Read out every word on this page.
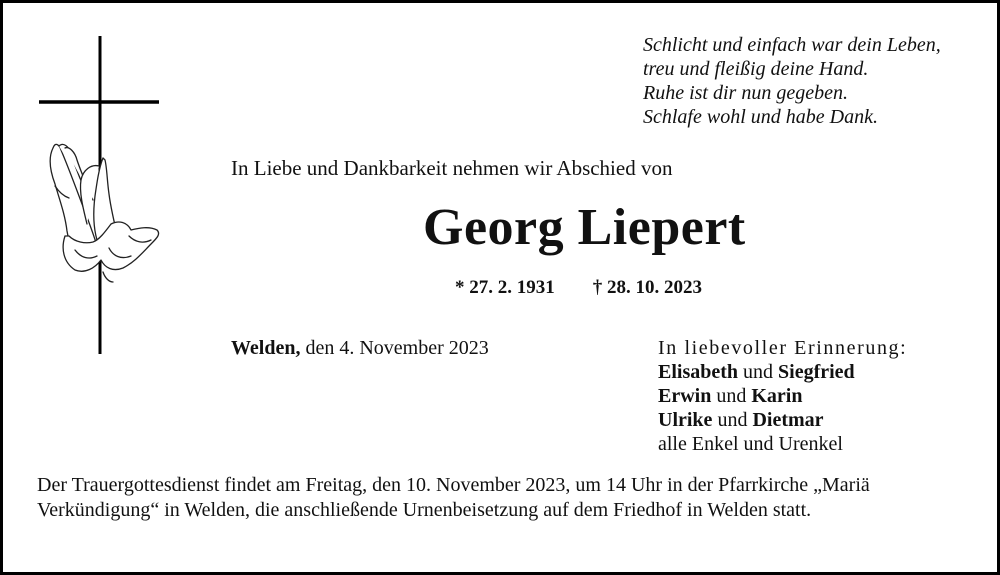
Schlicht und einfach war dein Leben,
treu und fleißig deine Hand.
Ruhe ist dir nun gegeben.
Schlafe wohl und habe Dank.
In Liebe und Dankbarkeit nehmen wir Abschied von
Georg Liepert
* 27. 2. 1931 † 28. 10. 2023
Welden, den 4. November 2023	In liebevoller Erinnerung:
Elisabeth und Siegfried
Erwin und Karin
Ulrike und Dietmar
alle Enkel und Urenkel
Der Trauergottesdienst findet am Freitag, den 10. November 2023, um 14 Uhr in der Pfarrkirche „Mariä Verkündigung“ in Welden, die anschließende Urnenbeisetzung auf dem Friedhof in Welden statt.
